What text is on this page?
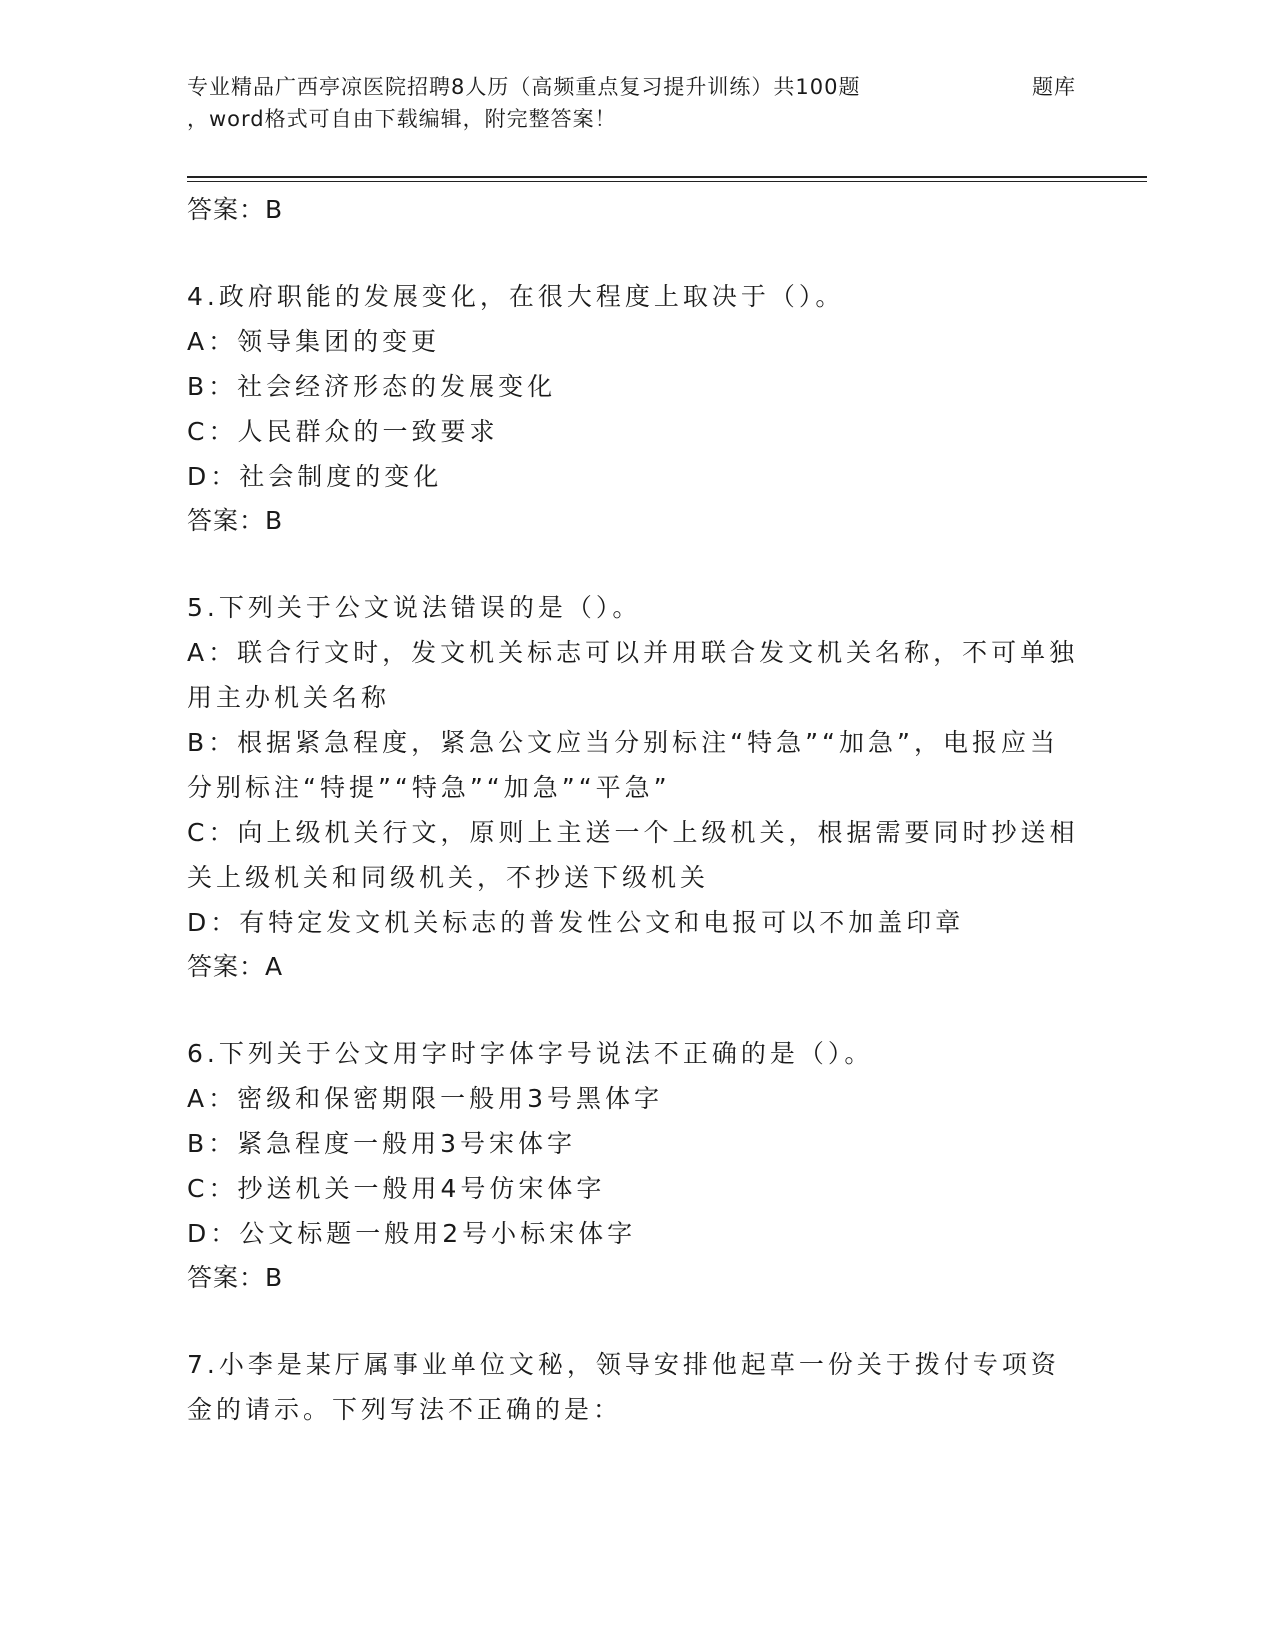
专业精品广西亭凉医院招聘8人历（高频重点复习提升训练）共100题	题库
，word格式可自由下载编辑，附完整答案！
答案：B
4.政府职能的发展变化，在很大程度上取决于（）。
A：领导集团的变更
B：社会经济形态的发展变化
C：人民群众的一致要求
D：社会制度的变化
答案：B
5.下列关于公文说法错误的是（）。
A：联合行文时，发文机关标志可以并用联合发文机关名称，不可单独用主办机关名称
B：根据紧急程度，紧急公文应当分别标注“特急”“加急”，电报应当分别标注“特提”“特急”“加急”“平急”
C：向上级机关行文，原则上主送一个上级机关，根据需要同时抄送相关上级机关和同级机关，不抄送下级机关
D：有特定发文机关标志的普发性公文和电报可以不加盖印章
答案：A
6.下列关于公文用字时字体字号说法不正确的是（）。
A：密级和保密期限一般用3号黑体字
B：紧急程度一般用3号宋体字
C：抄送机关一般用4号仿宋体字
D：公文标题一般用2号小标宋体字
答案：B
7.小李是某厅属事业单位文秘，领导安排他起草一份关于拨付专项资金的请示。下列写法不正确的是：
